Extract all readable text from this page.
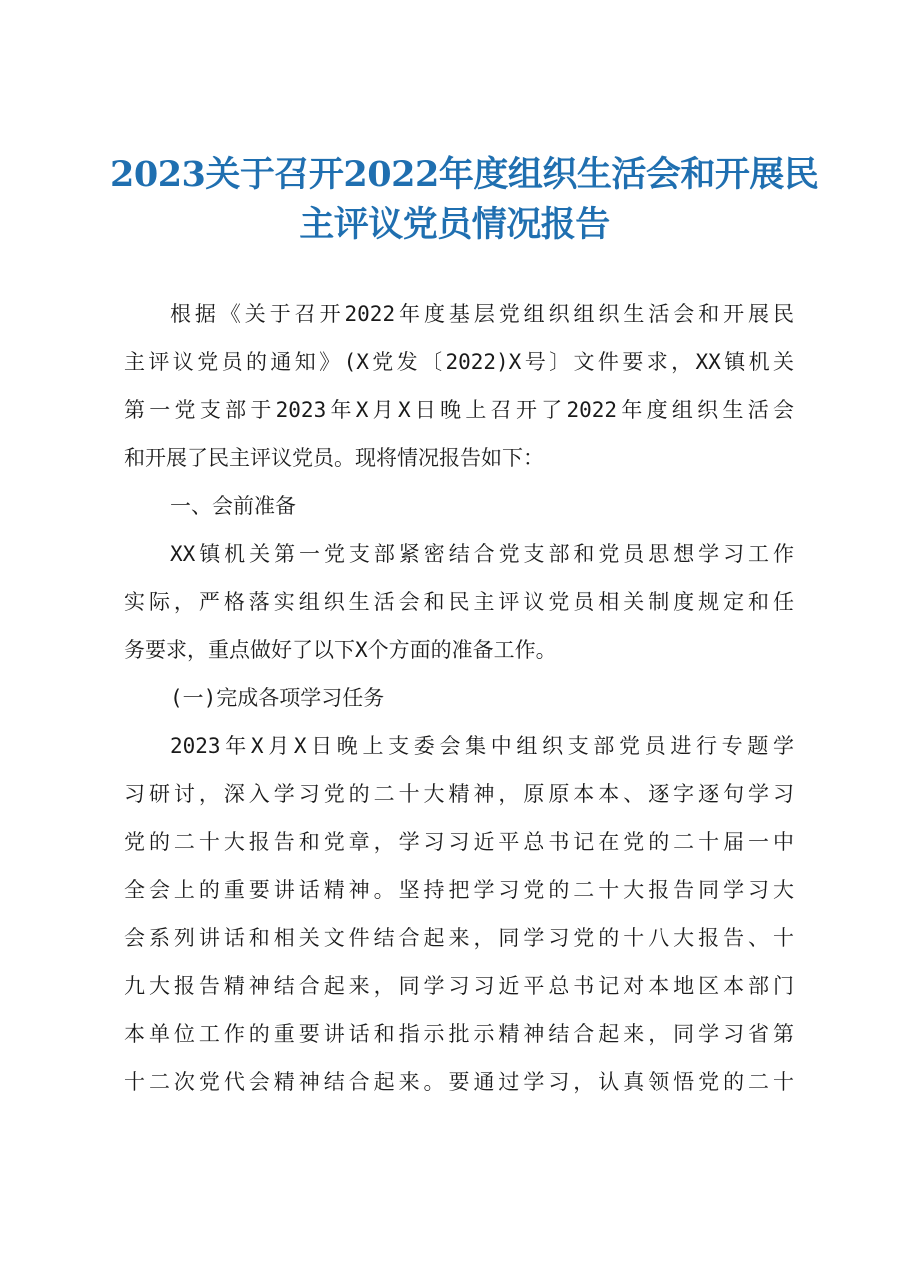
2023关于召开2022年度组织生活会和开展民
主评议党员情况报告

根据《关于召开2022年度基层党组织组织生活会和开展民
主评议党员的通知》(X党发〔2022)X号〕文件要求，XX镇机关
第一党支部于2023年X月X日晚上召开了2022年度组织生活会
和开展了民主评议党员。现将情况报告如下：

一、会前准备

XX镇机关第一党支部紧密结合党支部和党员思想学习工作
实际，严格落实组织生活会和民主评议党员相关制度规定和任
务要求，重点做好了以下X个方面的准备工作。

(一)完成各项学习任务

2023年X月X日晚上支委会集中组织支部党员进行专题学
习研讨，深入学习党的二十大精神，原原本本、逐字逐句学习
党的二十大报告和党章，学习习近平总书记在党的二十届一中
全会上的重要讲话精神。坚持把学习党的二十大报告同学习大
会系列讲话和相关文件结合起来，同学习党的十八大报告、十
九大报告精神结合起来，同学习习近平总书记对本地区本部门
本单位工作的重要讲话和指示批示精神结合起来，同学习省第
十二次党代会精神结合起来。要通过学习，认真领悟党的二十
